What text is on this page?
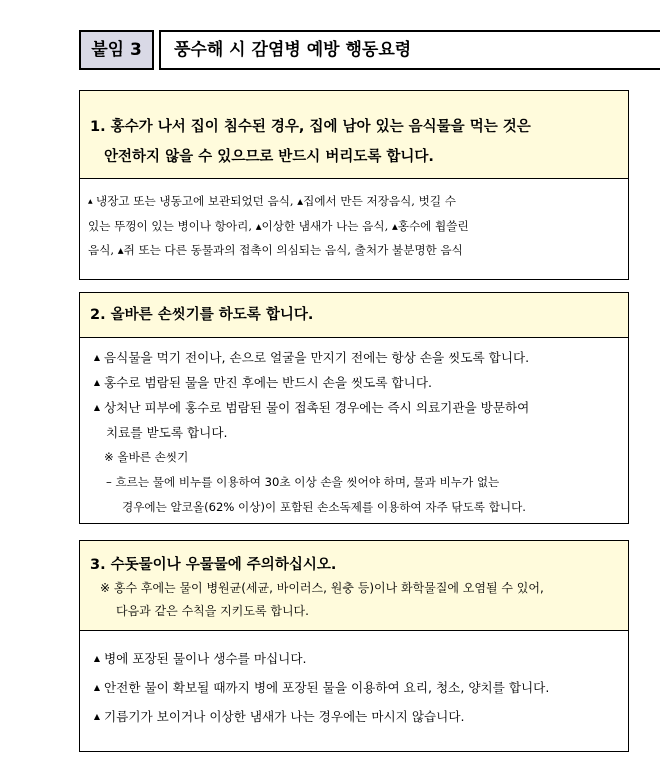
붙임 3	풍수해 시 감염병 예방 행동요령
1. 홍수가 나서 집이 침수된 경우, 집에 남아 있는 음식물을 먹는 것은
안전하지 않을 수 있으므로 반드시 버리도록 합니다.
▲ 냉장고 또는 냉동고에 보관되었던 음식, ▴집에서 만든 저장음식, 벗길 수
있는 뚜껑이 있는 병이나 항아리, ▴이상한 냄새가 나는 음식, ▴홍수에 휩쓸린
음식, ▴쥐 또는 다른 동물과의 접촉이 의심되는 음식, 출처가 불분명한 음식
2. 올바른 손씻기를 하도록 합니다.
▲ 음식물을 먹기 전이나, 손으로 얼굴을 만지기 전에는 항상 손을 씻도록 합니다.
▲ 홍수로 범람된 물을 만진 후에는 반드시 손을 씻도록 합니다.
▲ 상처난 피부에 홍수로 범람된 물이 접촉된 경우에는 즉시 의료기관을 방문하여
치료를 받도록 합니다.
※ 올바른 손씻기
– 흐르는 물에 비누를 이용하여 30초 이상 손을 씻어야 하며, 물과 비누가 없는
경우에는 알코올(62% 이상)이 포함된 손소독제를 이용하여 자주 닦도록 합니다.
3. 수돗물이나 우물물에 주의하십시오.
※ 홍수 후에는 물이 병원균(세균, 바이러스, 원충 등)이나 화학물질에 오염될 수 있어,
다음과 같은 수칙을 지키도록 합니다.
▲ 병에 포장된 물이나 생수를 마십니다.
▲ 안전한 물이 확보될 때까지 병에 포장된 물을 이용하여 요리, 청소, 양치를 합니다.
▲ 기름기가 보이거나 이상한 냄새가 나는 경우에는 마시지 않습니다.
